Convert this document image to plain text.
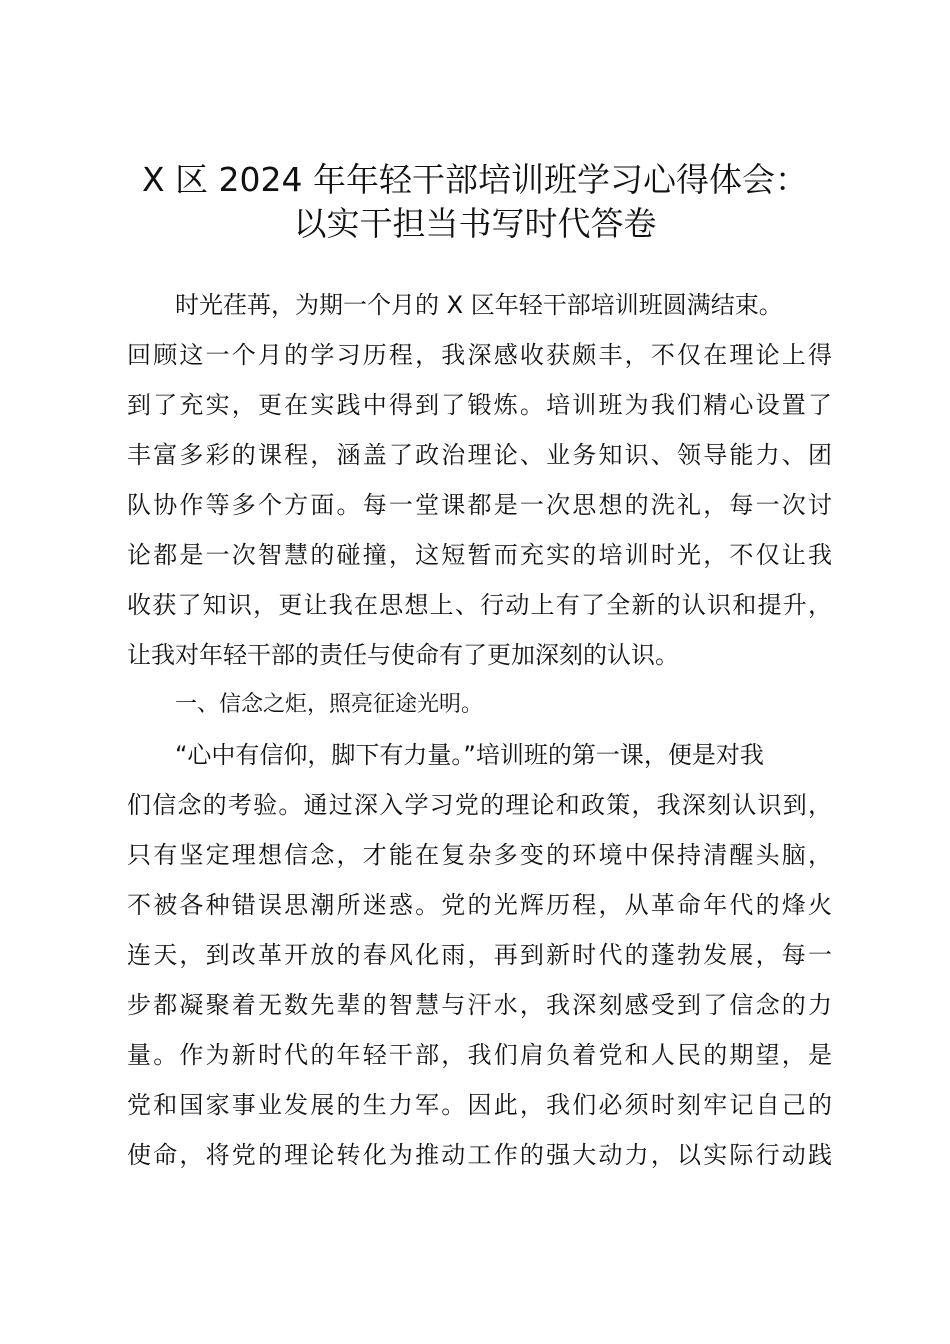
X 区 2024 年年轻干部培训班学习心得体会：
以实干担当书写时代答卷
时光荏苒，为期一个月的 X 区年轻干部培训班圆满结束。
回顾这一个月的学习历程，我深感收获颇丰，不仅在理论上得
到了充实，更在实践中得到了锻炼。培训班为我们精心设置了
丰富多彩的课程，涵盖了政治理论、业务知识、领导能力、团
队协作等多个方面。每一堂课都是一次思想的洗礼，每一次讨
论都是一次智慧的碰撞，这短暂而充实的培训时光，不仅让我
收获了知识，更让我在思想上、行动上有了全新的认识和提升，
让我对年轻干部的责任与使命有了更加深刻的认识。
一、信念之炬，照亮征途光明。
“心中有信仰，脚下有力量。”培训班的第一课，便是对我
们信念的考验。通过深入学习党的理论和政策，我深刻认识到，
只有坚定理想信念，才能在复杂多变的环境中保持清醒头脑，
不被各种错误思潮所迷惑。党的光辉历程，从革命年代的烽火
连天，到改革开放的春风化雨，再到新时代的蓬勃发展，每一
步都凝聚着无数先辈的智慧与汗水，我深刻感受到了信念的力
量。作为新时代的年轻干部，我们肩负着党和人民的期望，是
党和国家事业发展的生力军。因此，我们必须时刻牢记自己的
使命，将党的理论转化为推动工作的强大动力，以实际行动践
